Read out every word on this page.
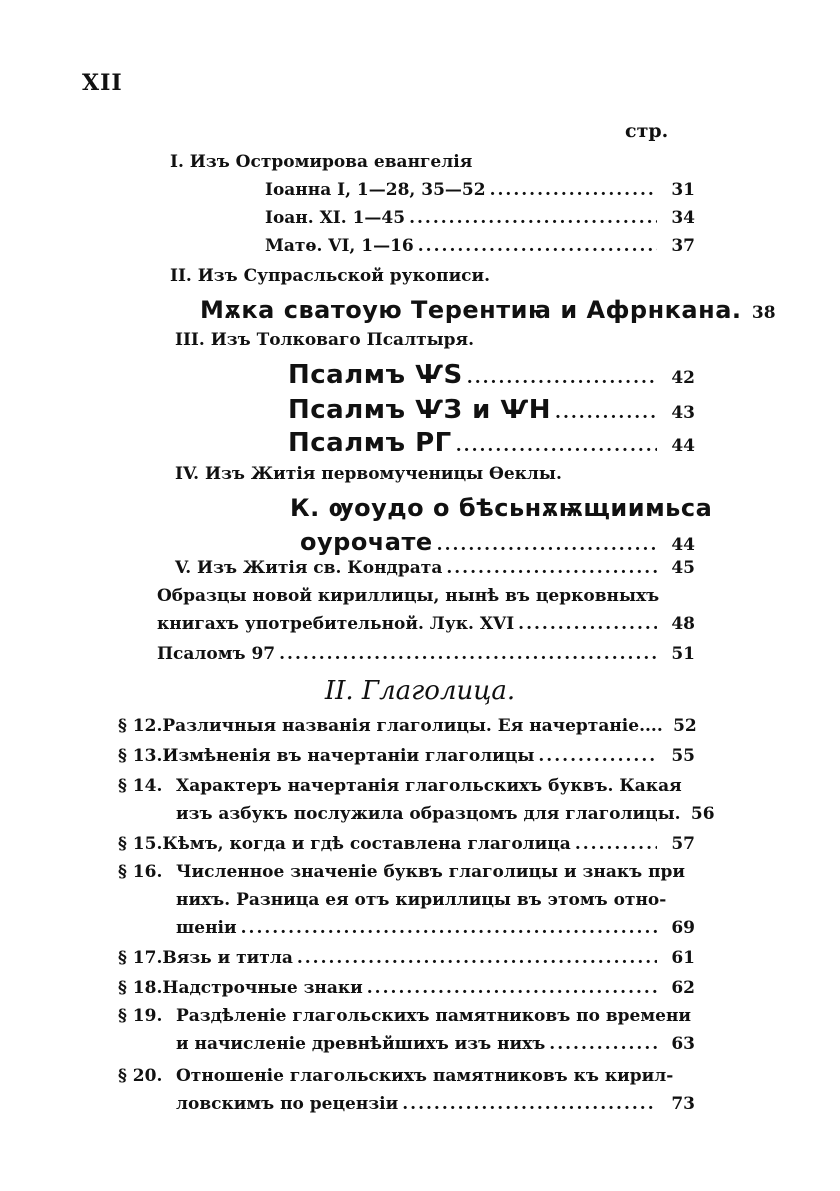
XII
стр.
I. Изъ Остромирова евангелія
Іоанна I, 1—28, 35—52 .....	31
Іоан. XI. 1—45 .....	34
Матѳ. VI, 1—16 .....	37
II. Изъ Супрасльской рукописи.
Мѫка сватоую Терентиꙗ и Афрнкана. 38
III. Изъ Толковаго Псалтыря.
Псалмъ ѰS .....	42
Псалмъ ѰЗ и ѰН .....	43
Псалмъ РГ .....	44
IV. Изъ Житія первомученицы Ѳеклы.
К. ѹоудо о бѣсьнѫѭщиимьса
оурочате .....	44
V. Изъ Житія св. Кондрата .....	45
Образцы новой кириллицы, нынѣ въ церковныхъ
книгахъ употребительной. Лук. XVI .....	48
Псаломъ 97 .....	51
II. Глаголица.
§ 12. Различныя названія глаголицы. Ея начертаніе.... 52
§ 13. Измѣненія въ начертаніи глаголицы .....	55
§ 14. Характеръ начертанія глагольскихъ буквъ. Какая
изъ азбукъ послужила образцомъ для глаголицы. 56
§ 15. Кѣмъ, когда и гдѣ составлена глаголица .....	57
§ 16. Численное значеніе буквъ глаголицы и знакъ при
нихъ. Разница ея отъ кириллицы въ этомъ отно-
шеніи .....	69
§ 17. Вязь и титла .....	61
§ 18. Надстрочные знаки .....	62
§ 19. Раздѣленіе глагольскихъ памятниковъ по времени
и начисленіе древнѣйшихъ изъ нихъ .....	63
§ 20. Отношеніе глагольскихъ памятниковъ къ кирил-
ловскимъ по рецензіи .....	73
